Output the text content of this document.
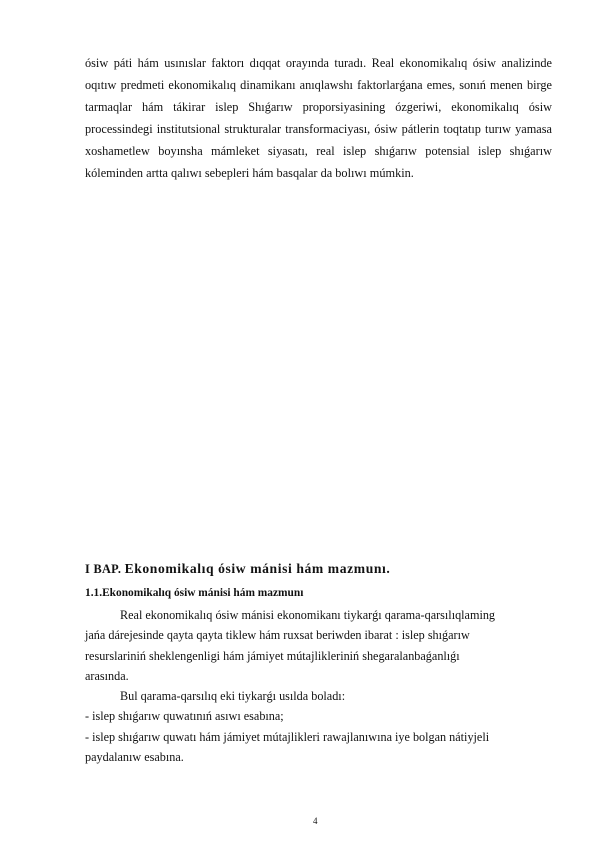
ósiw páti hám usınıslar faktorı dıqqat orayında turadı. Real ekonomikalıq ósiw analizinde oqıtıw predmeti ekonomikalıq dinamikanı anıqlawshı faktorlarǵana emes, sonıń menen birge tarmaqlar hám tákirar islep Shıǵarıw proporsiyasining ózgeriwi, ekonomikalıq ósiw processindegi institutsional strukturalar transformaciyası, ósiw pátlerin toqtatıp turıw yamasa xoshametlew boyınsha mámleket siyasatı, real islep shıǵarıw potensial islep shıǵarıw kóleminden artta qalıwı sebepleri hám basqalar da bolıwı múmkin.

I BAP. Ekonomikalıq ósiw mánisi hám mazmunı.
1.1.Ekonomikalıq ósiw mánisi hám mazmunı
Real ekonomikalıq ósiw mánisi ekonomikanı tiykarǵı qarama-qarsılıqlaming
jańa dárejesinde qayta qayta tiklew hám ruxsat beriwden ibarat : islep shıǵarıw
resurslariniń sheklengenligi hám jámiyet mútajlikleriniń shegaralanbaǵanlıǵı
arasında.
Bul qarama-qarsılıq eki tiykarǵı usılda boladı:
- islep shıǵarıw quwatınıń asıwı esabına;
- islep shıǵarıw quwatı hám jámiyet mútajlikleri rawajlanıwına iye bolgan nátiyjeli
paydalanıw esabına.
4
